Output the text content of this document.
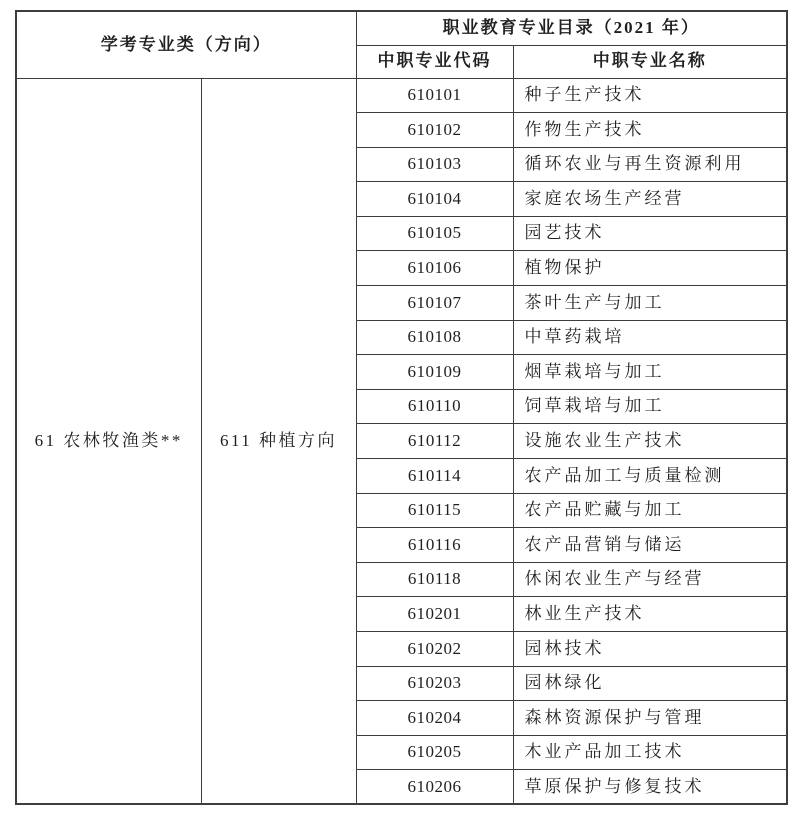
学考专业类（方向）		职业教育专业目录（2021 年）	
		中职专业代码	中职专业名称
61 农林牧渔类**	611 种植方向	610101	种子生产技术
		610102	作物生产技术
		610103	循环农业与再生资源利用
		610104	家庭农场生产经营
		610105	园艺技术
		610106	植物保护
		610107	茶叶生产与加工
		610108	中草药栽培
		610109	烟草栽培与加工
		610110	饲草栽培与加工
		610112	设施农业生产技术
		610114	农产品加工与质量检测
		610115	农产品贮藏与加工
		610116	农产品营销与储运
		610118	休闲农业生产与经营
		610201	林业生产技术
		610202	园林技术
		610203	园林绿化
		610204	森林资源保护与管理
		610205	木业产品加工技术
		610206	草原保护与修复技术
